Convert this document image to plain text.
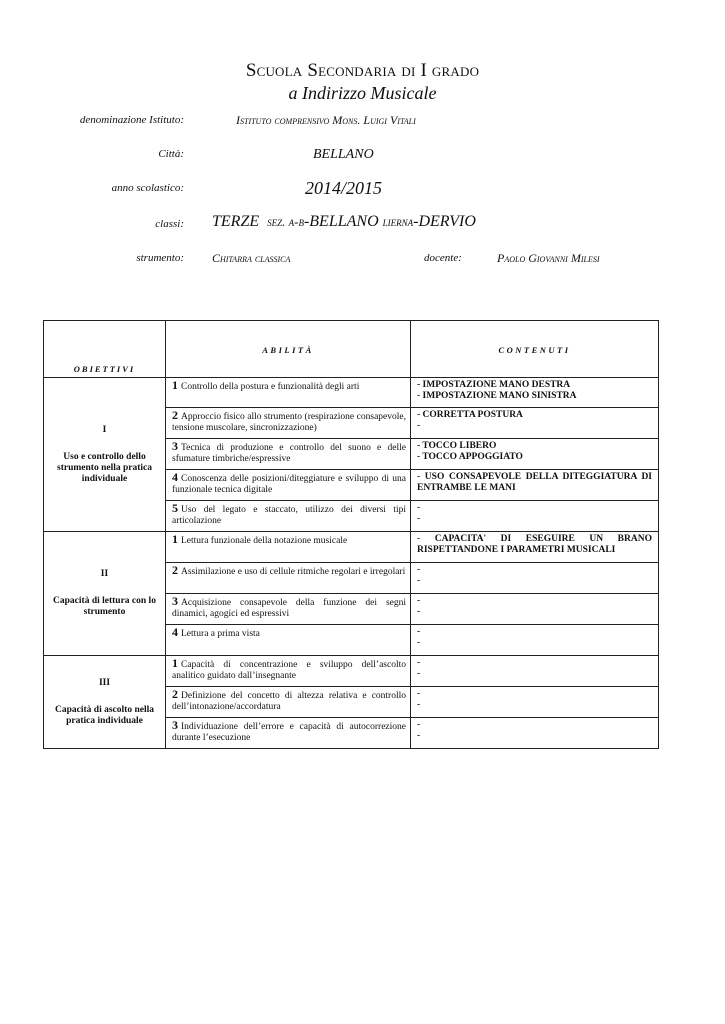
Scuola Secondaria di I grado
a Indirizzo Musicale
denominazione Istituto:	Istituto comprensivo Mons. Luigi Vitali
Città:	BELLANO
anno scolastico:	2014/2015
classi: TERZE sez. a-b-BELLANO lierna-DERVIO
strumento: Chitarra classica	docente:	Paolo Giovanni Milesi
OBIETTIVI	ABILITÀ	CONTENUTI

I
Uso e controllo dello strumento nella pratica individuale	1 Controllo della postura e funzionalità degli arti	- IMPOSTAZIONE MANO DESTRA
- IMPOSTAZIONE MANO SINISTRA

	2 Approccio fisico allo strumento (respirazione consapevole, tensione muscolare, sincronizzazione)	- CORRETTA POSTURA
-

	3 Tecnica di produzione e controllo del suono e delle sfumature timbriche/espressive	- TOCCO LIBERO
- TOCCO APPOGGIATO

	4 Conoscenza delle posizioni/diteggiature e sviluppo di una funzionale tecnica digitale	- USO CONSAPEVOLE DELLA DITEGGIATURA DI ENTRAMBE LE MANI

	5 Uso del legato e staccato, utilizzo dei diversi tipi articolazione	-
-

II
Capacità di lettura con lo strumento	1 Lettura funzionale della notazione musicale	- CAPACITA' DI ESEGUIRE UN BRANO RISPETTANDONE I PARAMETRI MUSICALI

	2 Assimilazione e uso di cellule ritmiche regolari e irregolari	-
-

	3 Acquisizione consapevole della funzione dei segni dinamici, agogici ed espressivi	-
-

	4 Lettura a prima vista	-
-

III
Capacità di ascolto nella pratica individuale	1 Capacità di concentrazione e sviluppo dell’ascolto analitico guidato dall’insegnante	-
-

	2 Definizione del concetto di altezza relativa e controllo dell’intonazione/accordatura	-
-

	3 Individuazione dell’errore e capacità di autocorrezione durante l’esecuzione	-
-
